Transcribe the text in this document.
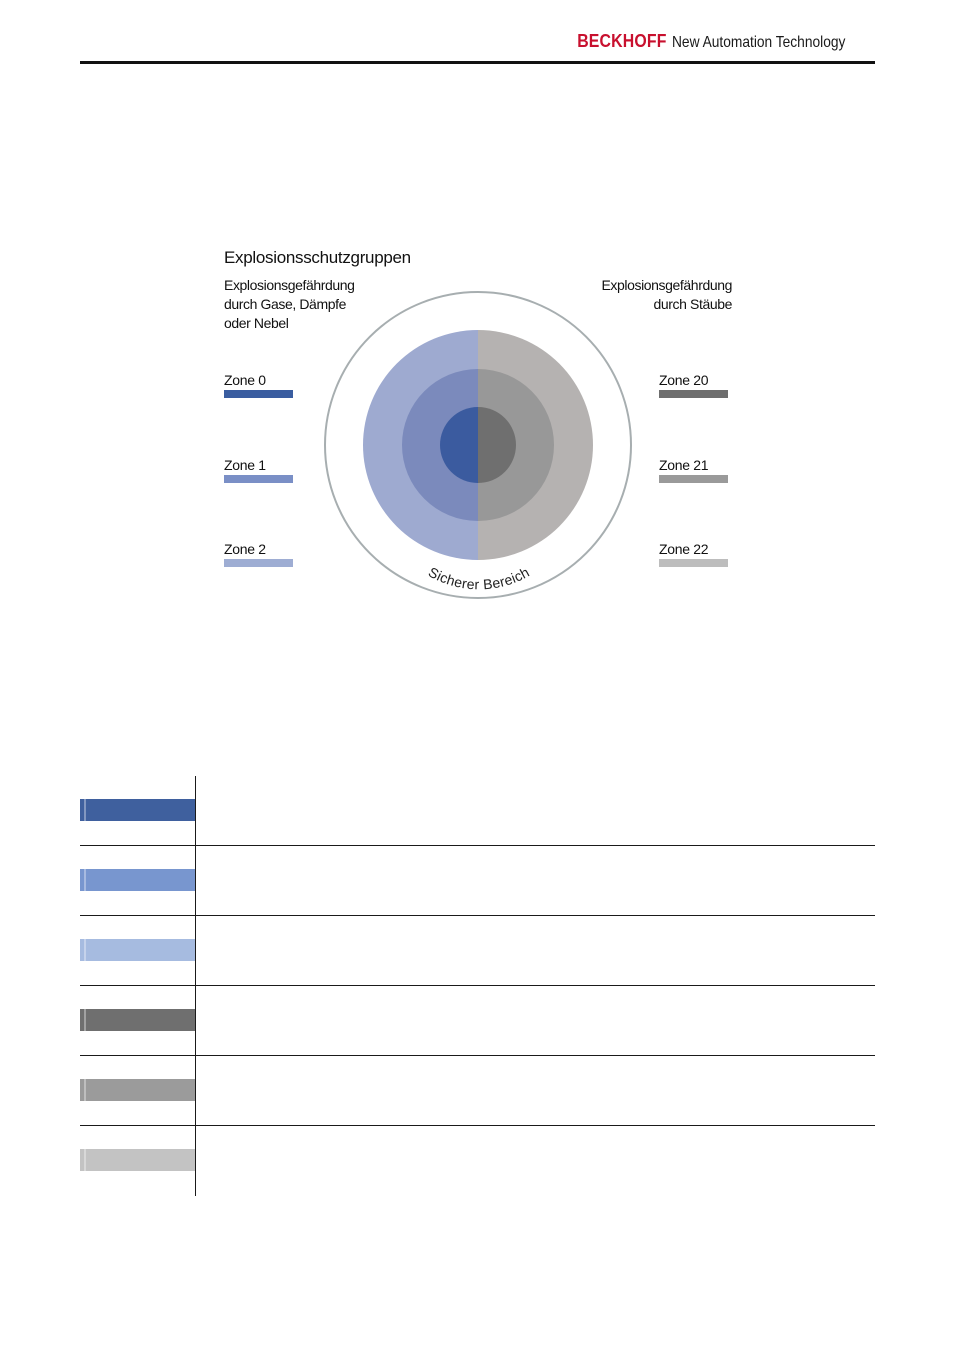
BECKHOFF New Automation Technology
Sicherer Bereich
Explosionsschutzgruppen
Explosionsgefährdung
durch Gase, Dämpfe
oder Nebel
Explosionsgefährdung
durch Stäube
Zone 0
Zone 1
Zone 2
Zone 20
Zone 21
Zone 22
